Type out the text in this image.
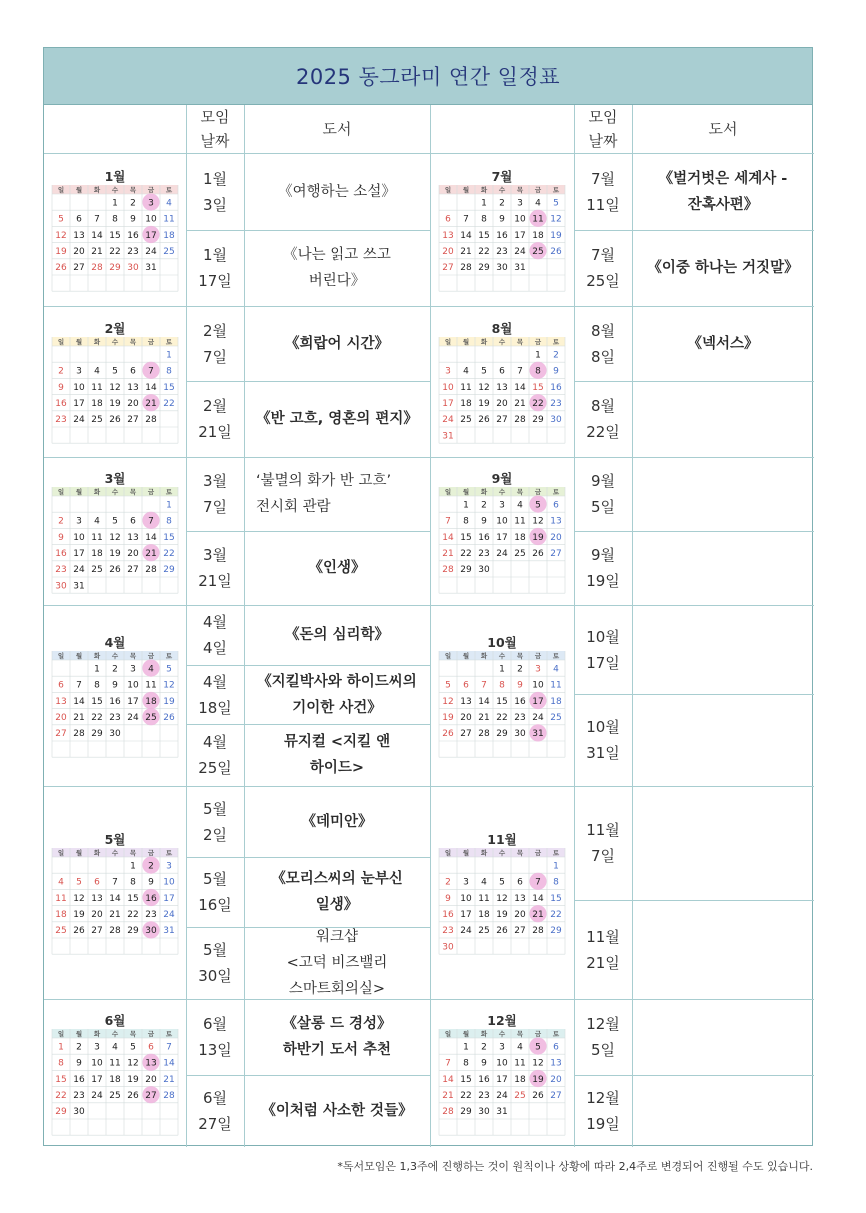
2025 동그라미 연간 일정표
모임
날짜
도서
모임
날짜
도서
1월
3일
《여행하는 소설》
1월
17일
《나는 읽고 쓰고
버린다》
2월
7일
《희랍어 시간》
2월
21일
《반 고흐, 영혼의 편지》
3월
7일
‘불멸의 화가 반 고흐’
전시회 관람
3월
21일
《인생》
4월
4일
《돈의 심리학》
4월
18일
《지킬박사와 하이드씨의
기이한 사건》
4월
25일
뮤지컬 <지킬 앤
하이드>
5월
2일
《데미안》
5월
16일
《모리스씨의 눈부신
일생》
5월
30일
워크샵
<고덕 비즈밸리
스마트회의실>
6월
13일
《살롱 드 경성》
하반기 도서 추천
6월
27일
《이처럼 사소한 것들》
7월
11일
《벌거벗은 세계사 -
잔혹사편》
7월
25일
《이중 하나는 거짓말》
8월
8일
《넥서스》
8월
22일
9월
5일
9월
19일
10월
17일
10월
31일
11월
7일
11월
21일
12월
5일
12월
19일
1월
일 월 화 수 목 금 토
1 2 3 4
5 6 7 8 9 10 11
12 13 14 15 16 17 18
19 20 21 22 23 24 25
26 27 28 29 30 31
7월
일 월 화 수 목 금 토
1 2 3 4 5
6 7 8 9 10 11 12
13 14 15 16 17 18 19
20 21 22 23 24 25 26
27 28 29 30 31
2월
일 월 화 수 목 금 토
1
2 3 4 5 6 7 8
9 10 11 12 13 14 15
16 17 18 19 20 21 22
23 24 25 26 27 28
8월
일 월 화 수 목 금 토
1 2
3 4 5 6 7 8 9
10 11 12 13 14 15 16
17 18 19 20 21 22 23
24 25 26 27 28 29 30
31
3월
일 월 화 수 목 금 토
1
2 3 4 5 6 7 8
9 10 11 12 13 14 15
16 17 18 19 20 21 22
23 24 25 26 27 28 29
30 31
9월
일 월 화 수 목 금 토
1 2 3 4 5 6
7 8 9 10 11 12 13
14 15 16 17 18 19 20
21 22 23 24 25 26 27
28 29 30
4월
일 월 화 수 목 금 토
1 2 3 4 5
6 7 8 9 10 11 12
13 14 15 16 17 18 19
20 21 22 23 24 25 26
27 28 29 30
10월
일 월 화 수 목 금 토
1 2 3 4
5 6 7 8 9 10 11
12 13 14 15 16 17 18
19 20 21 22 23 24 25
26 27 28 29 30 31
5월
일 월 화 수 목 금 토
1 2 3
4 5 6 7 8 9 10
11 12 13 14 15 16 17
18 19 20 21 22 23 24
25 26 27 28 29 30 31
11월
일 월 화 수 목 금 토
1
2 3 4 5 6 7 8
9 10 11 12 13 14 15
16 17 18 19 20 21 22
23 24 25 26 27 28 29
30
6월
일 월 화 수 목 금 토
1 2 3 4 5 6 7
8 9 10 11 12 13 14
15 16 17 18 19 20 21
22 23 24 25 26 27 28
29 30
12월
일 월 화 수 목 금 토
1 2 3 4 5 6
7 8 9 10 11 12 13
14 15 16 17 18 19 20
21 22 23 24 25 26 27
28 29 30 31
*독서모임은 1,3주에 진행하는 것이 원칙이나 상황에 따라 2,4주로 변경되어 진행될 수도 있습니다.
